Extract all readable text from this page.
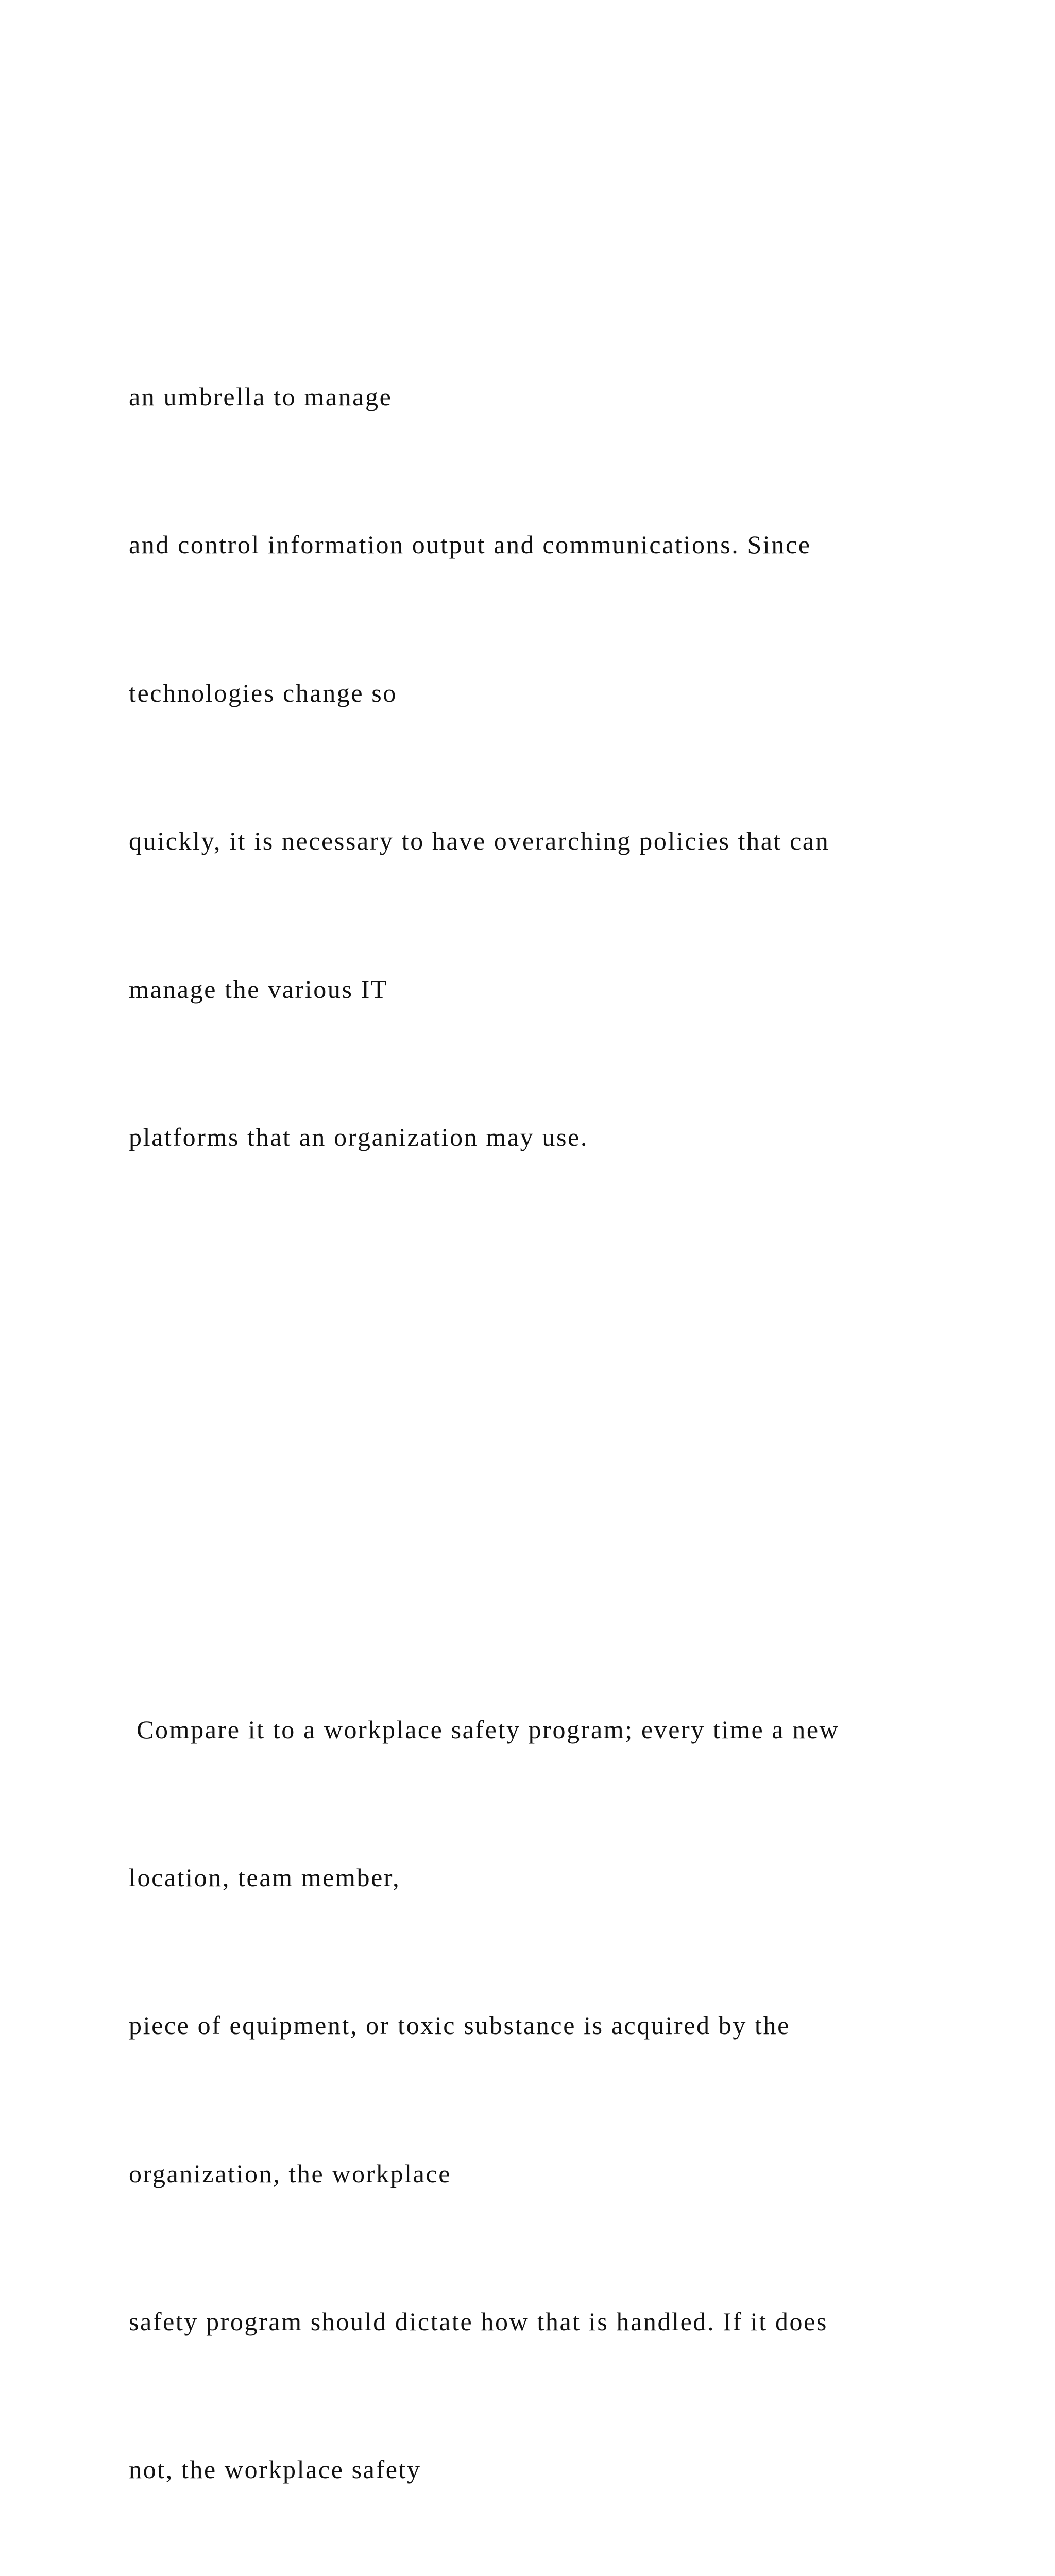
an umbrella to manage

and control information output and communications. Since

technologies change so

quickly, it is necessary to have overarching policies that can

manage the various IT

platforms that an organization may use.

Compare it to a workplace safety program; every time a new

location, team member,

piece of equipment, or toxic substance is acquired by the

organization, the workplace

safety program should dictate how that is handled. If it does

not, the workplace safety
